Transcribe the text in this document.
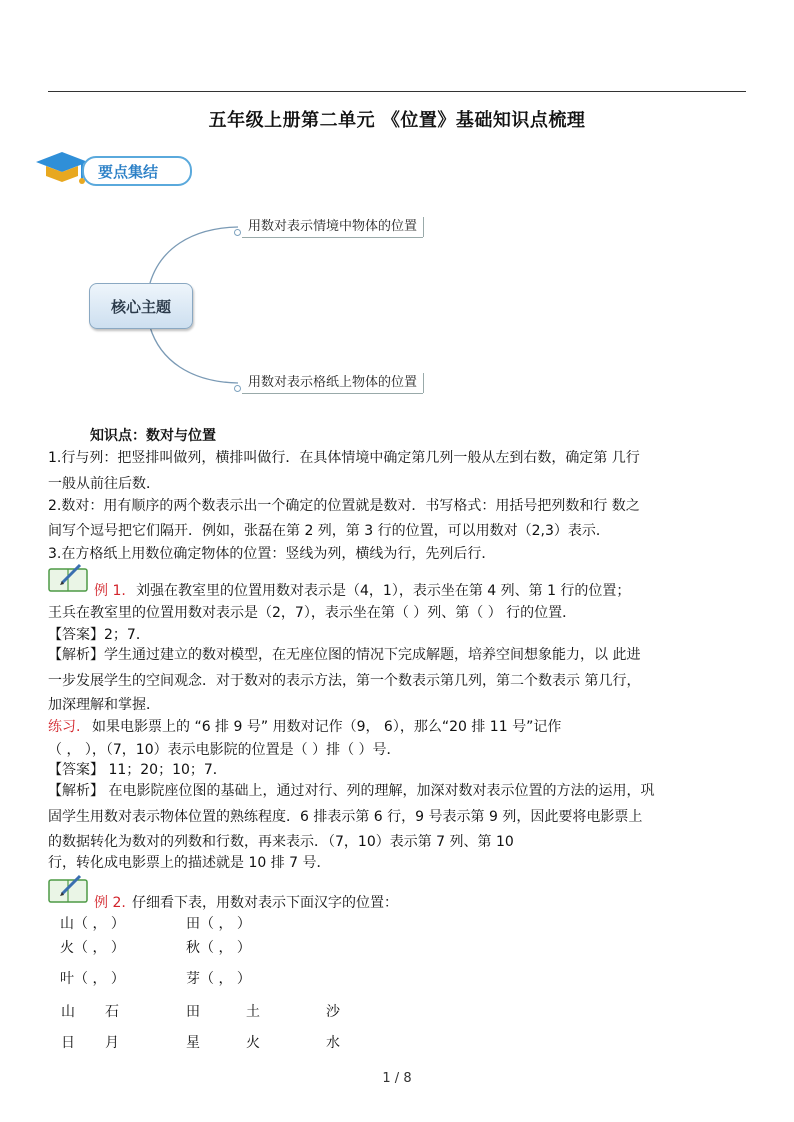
五年级上册第二单元 《位置》基础知识点梳理
要点集结
核心主题
用数对表示情境中物体的位置
用数对表示格纸上物体的位置
知识点：数对与位置
1.行与列：把竖排叫做列，横排叫做行．在具体情境中确定第几列一般从左到右数，确定第 几行
一般从前往后数．
2.数对：用有顺序的两个数表示出一个确定的位置就是数对．书写格式：用括号把列数和行 数之
间写个逗号把它们隔开．例如，张磊在第 2 列，第 3 行的位置，可以用数对（2,3）表示．
3.在方格纸上用数位确定物体的位置：竖线为列，横线为行，先列后行．
例 1. 刘强在教室里的位置用数对表示是（4，1），表示坐在第 4 列、第 1 行的位置；
王兵在教室里的位置用数对表示是（2，7），表示坐在第（ ）列、第（ ） 行的位置．
【答案】2；7．
【解析】学生通过建立的数对模型，在无座位图的情况下完成解题，培养空间想象能力，以 此进
一步发展学生的空间观念．对于数对的表示方法，第一个数表示第几列，第二个数表示 第几行，
加深理解和掌握．
练习. 如果电影票上的 “6 排 9 号” 用数对记作（9， 6），那么“20 排 11 号”记作
（ ， ），（7，10）表示电影院的位置是（ ）排（ ）号．
【答案】 11；20；10；7．
【解析】 在电影院座位图的基础上，通过对行、列的理解，加深对数对表示位置的方法的运用，巩
固学生用数对表示物体位置的熟练程度．6 排表示第 6 行，9 号表示第 9 列，因此要将电影票上
的数据转化为数对的列数和行数，再来表示．（7，10）表示第 7 列、第 10
行，转化成电影票上的描述就是 10 排 7 号．
例 2. 仔细看下表，用数对表示下面汉字的位置：
山（ ， ）	田（ ， ）
火（ ， ）	秋（ ， ）
叶（ ， ）	芽（ ， ）
山 石	田	土	沙
日 月	星	火	水
1 / 8
